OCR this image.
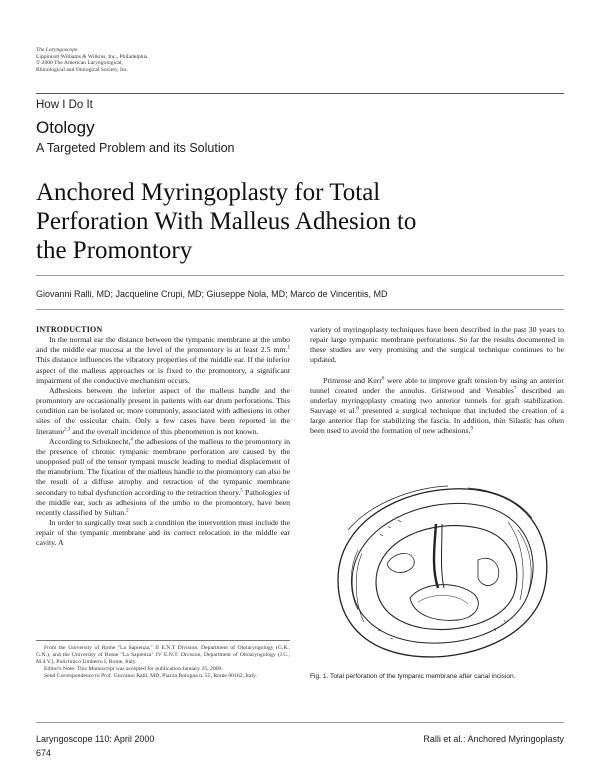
The Laryngoscope
Lippincott Williams & Wilkins, Inc., Philadelphia
© 2000 The American Laryngological,
Rhinological and Otological Society, Inc.
How I Do It
Otology
A Targeted Problem and its Solution
Anchored Myringoplasty for Total
Perforation With Malleus Adhesion to
the Promontory
Giovanni Ralli, MD; Jacqueline Crupi, MD; Giuseppe Nola, MD; Marco de Vincentiis, MD

INTRODUCTION

In the normal ear the distance between the tympanic membrane at the umbo and the middle ear mucosa at the level of the promontory is at least 2.5 mm.$^1$ This distance influences the vibratory properties of the middle ear. If the inferior aspect of the malleus approaches or is fixed to the promontory, a significant impairment of the conductive mechanism occurs.

Adhesions between the inferior aspect of the malleus handle and the promontory are occasionally present in patients with ear drum perforations. This condition can be isolated or, more commonly, associated with adhesions in other sites of the ossicular chain. Only a few cases have been reported in the literature$^{2,3}$ and the overall incidence of this phenomenon is not known.

According to Schuknecht,$^4$ the adhesions of the malleus to the promontory in the presence of chronic tympanic membrane perforation are caused by the unopposed pull of the tensor tympani muscle leading to medial displacement of the manubrium. The fixation of the malleus handle to the promontory can also be the result of a diffuse atrophy and retraction of the tympanic membrane secondary to tubal dysfunction according to the retraction theory.$^5$ Pathologies of the middle ear, such as adhesions of the umbo to the promontory, have been recently classified by Sultan.$^2$

In order to surgically treat such a condition the intervention must include the repair of the tympanic membrane and its correct relocation in the middle ear cavity. A

From the University of Rome "La Sapienza," II E.N.T Division, Department of Otolaryngology (G.R., G.N.), and the University of Rome "La Sapienza" IV E.N.T. Division, Department of Otolaryngology (J.C., M.d.V.), Policlinico Umberto I, Rome, Italy.

Editor's Note: This Manuscript was accepted for publication January 25, 2000.

Send Correspondence to Prof. Giovanni Ralli, MD, Piazza Bologna n. 55, Rome 00162, Italy.

variety of myringoplasty techniques have been described in the past 30 years to repair large tympanic membrane perforations. So far the results documented in these studies are very promising and the surgical technique continues to be updated.

Primrose and Kerr$^6$ were able to improve graft tension by using an anterior tunnel created under the annulus. Gristwood and Venables$^7$ described an underlay myringoplasty creating two anterior tunnels for graft stabilization. Sauvage et al.$^8$ presented a surgical technique that included the creation of a large anterior flap for stabilizing the fascia. In addition, thin Silastic has often been used to avoid the formation of new adhesions.$^9$

Fig. 1. Total perforation of the tympanic membrane after canal incision.
Laryngoscope 110: April 2000
674
Ralli et al.: Anchored Myringoplasty
